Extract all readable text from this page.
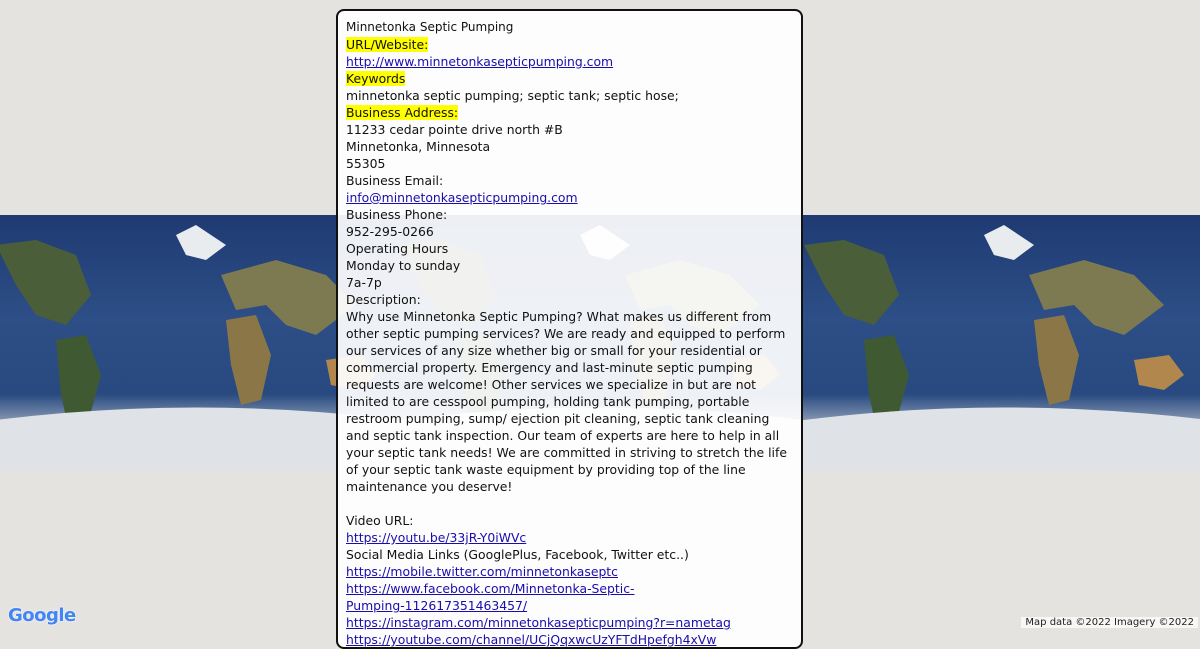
Google	Map data ©2022 Imagery ©2022
Minnetonka Septic Pumping
URL/Website:
http://www.minnetonkasepticpumping.com
Keywords
minnetonka septic pumping; septic tank; septic hose;
Business Address:
11233 cedar pointe drive north #B
Minnetonka, Minnesota
55305
Business Email:
info@minnetonkasepticpumping.com
Business Phone:
952-295-0266
Operating Hours
Monday to sunday
7a-7p
Description:
Why use Minnetonka Septic Pumping? What makes us different from other septic pumping services? We are ready and equipped to perform our services of any size whether big or small for your residential or commercial property. Emergency and last-minute septic pumping requests are welcome! Other services we specialize in but are not limited to are cesspool pumping, holding tank pumping, portable restroom pumping, sump/ ejection pit cleaning, septic tank cleaning and septic tank inspection. Our team of experts are here to help in all your septic tank needs! We are committed in striving to stretch the life of your septic tank waste equipment by providing top of the line maintenance you deserve!
Video URL:
https://youtu.be/33jR-Y0iWVc
Social Media Links (GooglePlus, Facebook, Twitter etc..)
https://mobile.twitter.com/minnetonkaseptc
https://www.facebook.com/Minnetonka-Septic-Pumping-112617351463457/
https://instagram.com/minnetonkasepticpumping?r=nametag
https://youtube.com/channel/UCjQqxwcUzYFTdHpefgh4xVw
